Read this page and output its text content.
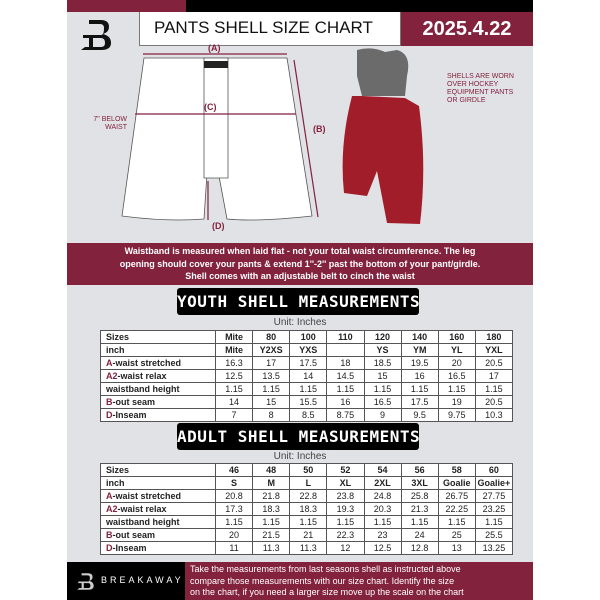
PANTS SHELL SIZE CHART	2025.4.22
(A)
(C)
(B)
(D)
7" BELOW
WAIST
SHELLS ARE WORN
OVER HOCKEY
EQUIPMENT PANTS
OR GIRDLE
Waistband is measured when laid flat - not your total waist circumference. The leg
opening should cover your pants & extend 1''-2'' past the bottom of your pant/girdle.
Shell comes with an adjustable belt to cinch the waist
YOUTH SHELL MEASUREMENTS
Unit: Inches
Sizes	Mite	80	100	110	120	140	160	180
inch	Mite	Y2XS	YXS		YS	YM	YL	YXL
A-waist stretched	16.3	17	17.5	18	18.5	19.5	20	20.5
A2-waist relax	12.5	13.5	14	14.5	15	16	16.5	17
waistband height	1.15	1.15	1.15	1.15	1.15	1.15	1.15	1.15
B-out seam	14	15	15.5	16	16.5	17.5	19	20.5
D-Inseam	7	8	8.5	8.75	9	9.5	9.75	10.3
ADULT SHELL MEASUREMENTS
Unit: Inches
Sizes	46	48	50	52	54	56	58	60
inch	S	M	L	XL	2XL	3XL	Goalie	Goalie+
A-waist stretched	20.8	21.8	22.8	23.8	24.8	25.8	26.75	27.75
A2-waist relax	17.3	18.3	18.3	19.3	20.3	21.3	22.25	23.25
waistband height	1.15	1.15	1.15	1.15	1.15	1.15	1.15	1.15
B-out seam	20	21.5	21	22.3	23	24	25	25.5
D-Inseam	11	11.3	11.3	12	12.5	12.8	13	13.25
BREAKAWAY
Take the measurements from last seasons shell as instructed above
compare those measurements with our size chart. Identify the size
on the chart, if you need a larger size move up the scale on the chart
